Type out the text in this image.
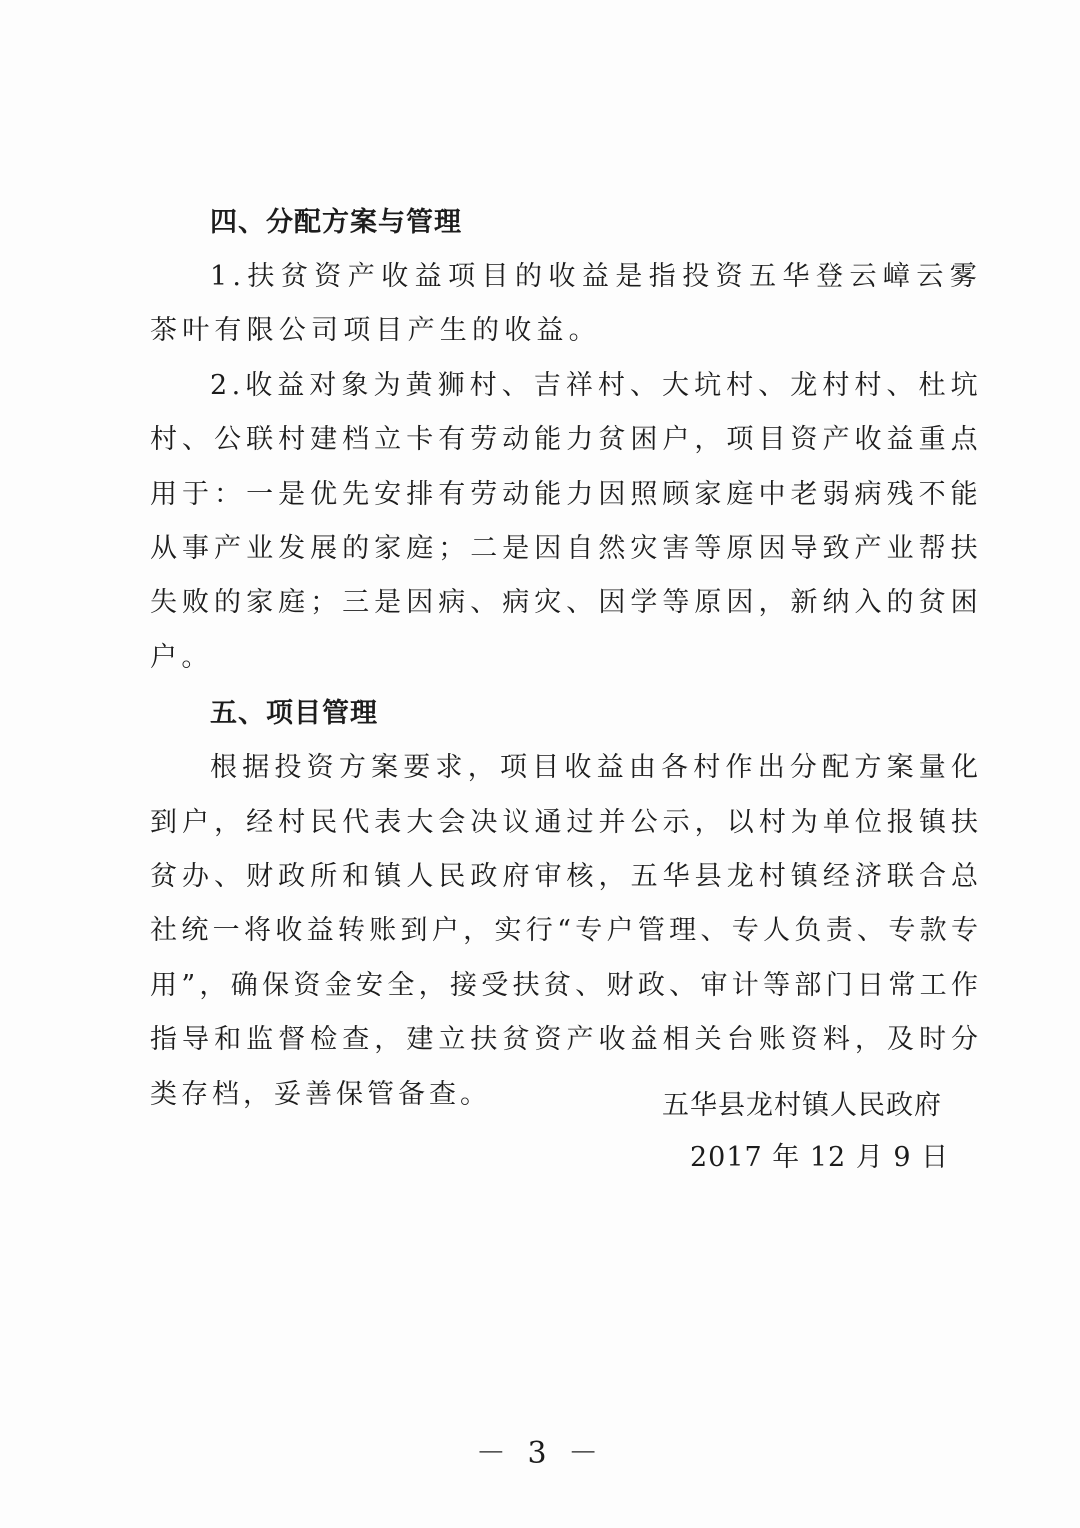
四、分配方案与管理

1.扶贫资产收益项目的收益是指投资五华登云嶂云雾茶叶有限公司项目产生的收益。

2.收益对象为黄狮村、吉祥村、大坑村、龙村村、杜坑村、公联村建档立卡有劳动能力贫困户，项目资产收益重点用于：一是优先安排有劳动能力因照顾家庭中老弱病残不能从事产业发展的家庭；二是因自然灾害等原因导致产业帮扶失败的家庭；三是因病、病灾、因学等原因，新纳入的贫困户。

五、项目管理

根据投资方案要求，项目收益由各村作出分配方案量化到户，经村民代表大会决议通过并公示，以村为单位报镇扶贫办、财政所和镇人民政府审核，五华县龙村镇经济联合总社统一将收益转账到户，实行“专户管理、专人负责、专款专用”，确保资金安全，接受扶贫、财政、审计等部门日常工作指导和监督检查，建立扶贫资产收益相关台账资料，及时分类存档，妥善保管备查。	五华县龙村镇人民政府
2017 年 12 月 9 日
－ 3 －
